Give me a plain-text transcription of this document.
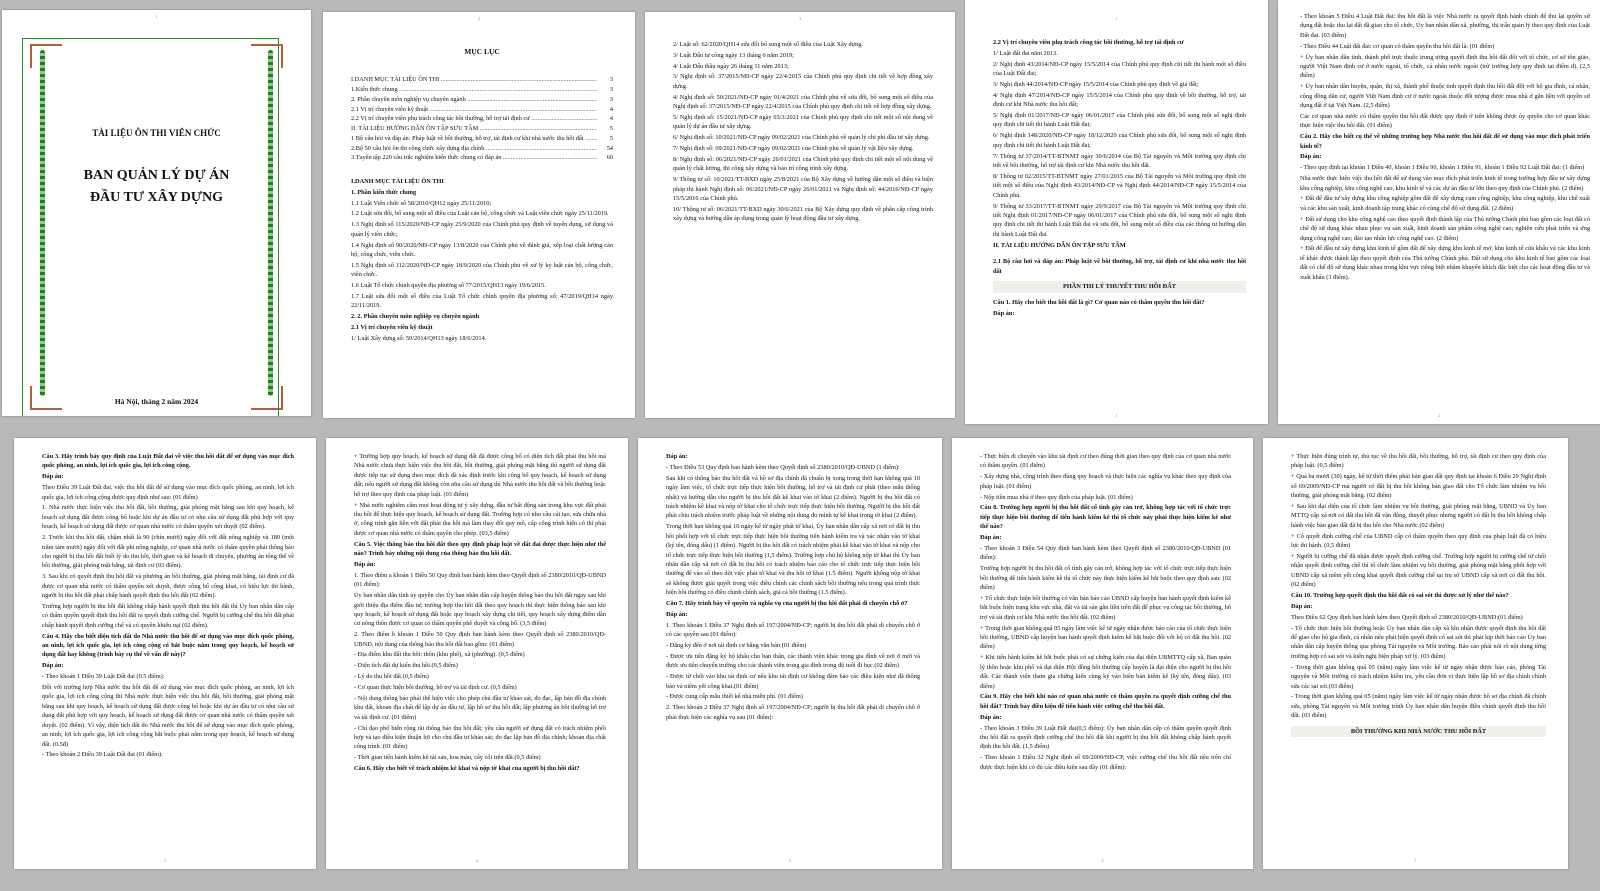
1
TÀI LIỆU ÔN THI VIÊN CHỨC
BAN QUẢN LÝ DỰ ÁN
ĐẦU TƯ XÂY DỰNG
Hà Nội, tháng 2 năm 2024
2
MỤC LỤC
I.DANH MỤC TÀI LIỆU ÔN THI .....	3
1.Kiến thức chung .....	3
2. Phần chuyên môn nghiệp vụ chuyên ngành .....	3
2.1 Vị trí chuyên viên kỹ thuật .....	4
2.2 Vị trí chuyên viên phụ trách công tác bồi thường, hỗ trợ tái định cư .....	4
II. TÀI LIỆU HƯỚNG DẪN ÔN TẬP SƯU TẦM .....	5
1 Bộ câu hỏi và đáp án: Pháp luật về bồi thường, hỗ trợ, tái định cư khi nhà nước thu hồi đất .....	5
2.Bộ 50 câu hỏi ôn thi công chức xây dựng địa chính .....	54
3.Tuyển tập 220 câu trắc nghiệm kiến thức chung có đáp án .....	60

I.DANH MỤC TÀI LIỆU ÔN THI

1. Phần kiến thức chung

1.1 Luật Viên chức số 58/2010/QH12 ngày 25/11/2010;

1.2 Luật sửa đổi, bổ sung một số điều của Luật cán bộ, công chức và Luật viên chức ngày 25/11/2019.

1.3 Nghị định số 115/2020/NĐ-CP ngày 25/9/2020 của Chính phủ quy định về tuyển dụng, sử dụng và quản lý viên chức;

1.4 Nghị định số 90/2020/NĐ-CP ngày 13/8/2020 của Chính phủ về đánh giá, xếp loại chất lượng cán bộ, công chức, viên chức.

1.5 Nghị định số 112/2020/NĐ-CP ngày 18/9/2020 của Chính phủ về xử lý kỷ luật cán bộ, công chức, viên chức.

1.6 Luật Tổ chức chính quyền địa phương số 77/2015/QH13 ngày 19/6/2015.

1.7 Luật sửa đổi một số điều của Luật Tổ chức chính quyền địa phương số: 47/2019/QH14 ngày 22/11/2019.

2. 2. Phần chuyên môn nghiệp vụ chuyên ngành

2.1 Vị trí chuyên viên kỹ thuật

1/ Luật Xây dựng số: 50/2014/QH13 ngày 18/6/2014.

3

2/ Luật số: 62/2020/QH14 sửa đổi bổ sung một số điều của Luật Xây dựng.

3/ Luật Đấu tư công ngày 13 tháng 6 năm 2019;

4/ Luật Đấu thầu ngày 26 tháng 11 năm 2013;

3/ Nghị định số: 37/2015/NĐ-CP ngày 22/4/2015 của Chính phủ quy định chi tiết về hợp đồng xây dựng.

4/ Nghị định số: 50/2021/NĐ-CP ngày 01/4/2021 của Chính phủ về sửa đổi, bổ sung một số điều của Nghị định số: 37/2015/NĐ-CP ngày 22/4/2015 của Chính phủ quy định chi tiết về hợp đồng xây dựng.

5/ Nghị định số: 15/2021/NĐ-CP ngày 03/3/2021 của Chính phủ quy định chi tiết một số nội dung về quản lý dự án đầu tư xây dựng.

6/ Nghị định số: 10/2021/NĐ-CP ngày 09/02/2021 của Chính phủ về quản lý chi phí đầu tư xây dựng.

7/ Nghị định số: 09/2021/NĐ-CP ngày 09/02/2021 của Chính phủ về quản lý vật liệu xây dựng.

8/ Nghị định số: 06/2021/NĐ-CP ngày 26/01/2021 của Chính phủ quy định chi tiết một số nội dung về quản lý chất lượng, thi công xây dựng và bảo trì công trình xây dựng.

9/ Thông tư số: 10/2021/TT-BXD ngày 25/8/2021 của Bộ Xây dựng về hướng dẫn một số điều và biện pháp thi hành Nghị định số: 06/2021/NĐ-CP ngày 26/01/2021 và Nghị định số: 44/2016/NĐ-CP ngày 15/5/2016 của Chính phủ.

10/ Thông tư số: 06/2021/TT-BXD ngày 30/6/2021 của Bộ Xây dựng quy định về phân cấp công trình xây dựng và hướng dẫn áp dụng trong quản lý hoạt động đầu tư xây dựng.

1

2.2 Vị trí chuyên viên phụ trách công tác bồi thường, hỗ trợ tái định cư

1/ Luật đất đai năm 2013.

2/ Nghị định 43/2014/NĐ-CP ngày 15/5/2014 của Chính phủ quy định chi tiết thi hành một số điều của Luật Đất đai;

3/ Nghị định 44/2014/NĐ-CP ngày 15/5/2014 của Chính phủ quy định về giá đất;

4/ Nghị định 47/2014/NĐ-CP ngày 15/5/2014 của Chính phủ quy định về bồi thường, hỗ trợ, tái định cư khi Nhà nước thu hồi đất;

5/ Nghị định 01/2017/NĐ-CP ngày 06/01/2017 của Chính phủ sửa đổi, bổ sung một số nghị định quy định chi tiết thi hành Luật Đất đai;

6/ Nghị định 148/2020/NĐ-CP ngày 18/12/2020 của Chính phủ sửa đổi, bổ sung một số nghị định quy định chi tiết thi hành Luật Đất đai;

7/ Thông tư 37/2014/TT-BTNMT ngày 30/6/2014 của Bộ Tài nguyên và Môi trường quy định chi tiết về bồi thường, hỗ trợ tái định cư khi Nhà nước thu hồi đất.

8/ Thông tư 02/2015/TT-BTNMT ngày 27/01/2015 của Bộ Tài nguyên và Môi trường quy định chi tiết một số điều của Nghị định 43/2014/NĐ-CP và Nghị định 44/2014/NĐ-CP ngày 15/5/2014 của Chính phủ.

9/ Thông tư 33/2017/TT-BTNMT ngày 29/9/2017 của Bộ Tài nguyên và Môi trường quy định chi tiết Nghị định 01/2017/NĐ-CP ngày 06/01/2017 của Chính phủ sửa đổi, bổ sung một số nghị định quy định chi tiết thi hành Luật Đất đai và sửa đổi, bổ sung một số điều của các thông tư hướng dẫn thi hành Luật Đất đai.

II. TÀI LIỆU HƯỚNG DẪN ÔN TẬP SƯU TẦM

2.1 Bộ câu hỏi và đáp án: Pháp luật về bồi thường, hỗ trợ, tái định cư khi nhà nước thu hồi đất

PHẦN THI LÝ THUYẾT THU HỒI ĐẤT

Câu 1. Hãy cho biết thu hồi đất là gì? Cơ quan nào có thẩm quyền thu hồi đất?

Đáp án:

1

- Theo khoản 5 Điều 4 Luật Đất đai: thu hồi đất là việc Nhà nước ra quyết định hành chính để thu lại quyền sử dụng đất hoặc thu lại đất đã giao cho tổ chức, Ủy ban nhân dân xã, phường, thị trấn quản lý theo quy định của Luật Đất đai. (03 điểm)

- Theo Điều 44 Luật đất đai: cơ quan có thẩm quyền thu hồi đất là: (01 điểm)

+ Ủy ban nhân dân tỉnh, thành phố trực thuộc trung ương quyết định thu hồi đất đối với tổ chức, cơ sở tôn giáo, người Việt Nam định cư ở nước ngoài, tổ chức, cá nhân nước ngoài (trừ trường hợp quy định tại điểm đ). (2,5 điểm)

+ Ủy ban nhân dân huyện, quận, thị xã, thành phố thuộc tỉnh quyết định thu hồi đất đối với hộ gia đình, cá nhân, cộng đồng dân cư, người Việt Nam định cư ở nước ngoài thuộc đối tượng được mua nhà ở gắn liền với quyền sử dụng đất ở tại Việt Nam. (2,5 điểm)

Các cơ quan nhà nước có thẩm quyền thu hồi đất được quy định ở trên không được ủy quyền cho cơ quan khác thực hiện việc thu hồi đất. (01 điểm)

Câu 2. Hãy cho biết cụ thể về những trường hợp Nhà nước thu hồi đất để sử dụng vào mục đích phát triển kinh tế?

Đáp án:

- Theo quy định tại khoản 1 Điều 40, khoản 1 Điều 90, khoản 1 Điều 91, khoản 1 Điều 92 Luật Đất đai: (1 điểm)

Nhà nước thực hiện việc thu hồi đất để sử dụng vào mục đích phát triển kinh tế trong trường hợp đầu tư xây dựng khu công nghiệp, khu công nghệ cao, khu kinh tế và các dự án đầu tư lớn theo quy định của Chính phủ. (2 điểm)

+ Đất để đầu tư xây dựng khu công nghiệp gồm đất để xây dựng cụm công nghiệp, khu công nghiệp, khu chế xuất và các khu sản xuất, kinh doanh tập trung khác có cùng chế độ sử dụng đất. (2 điểm)

+ Đất sử dụng cho khu công nghệ cao theo quyết định thành lập của Thủ tướng Chính phủ bao gồm các loại đất có chế độ sử dụng khác nhau phục vụ sản xuất, kinh doanh sản phẩm công nghệ cao; nghiên cứu phát triển và ứng dụng công nghệ cao; đào tạo nhân lực công nghệ cao. (2 điểm)

+ Đất để đầu tư xây dựng khu kinh tế gồm đất để xây dựng khu kinh tế mở, khu kinh tế cửa khẩu và các khu kinh tế khác được thành lập theo quyết định của Thủ tướng Chính phủ. Đất sử dụng cho khu kinh tế bao gồm các loại đất có chế độ sử dụng khác nhau trong khu vực riêng biệt nhằm khuyến khích đặc biệt cho các hoạt động đầu tư và xuất khẩu (3 điểm).

2

Câu 3. Hãy trình bày quy định của Luật Đất đai về việc thu hồi đất để sử dụng vào mục đích quốc phòng, an ninh, lợi ích quốc gia, lợi ích công cộng.

Đáp án:

Theo Điều 39 Luật Đất đai, việc thu hồi đất để sử dụng vào mục đích quốc phòng, an ninh, lợi ích quốc gia, lợi ích công cộng được quy định như sau: (01 điểm)

1. Nhà nước thực hiện việc thu hồi đất, bồi thường, giải phóng mặt bằng sau khi quy hoạch, kế hoạch sử dụng đất được công bố hoặc khi dự án đầu tư có nhu cầu sử dụng đất phù hợp với quy hoạch, kế hoạch sử dụng đất được cơ quan nhà nước có thẩm quyền xét duyệt (02 điểm).

2. Trước khi thu hồi đất, chậm nhất là 90 (chín mươi) ngày đối với đất nông nghiệp và 180 (một trăm tám mươi) ngày đối với đất phi nông nghiệp, cơ quan nhà nước có thẩm quyền phải thông báo cho người bị thu hồi đất biết lý do thu hồi, thời gian và kế hoạch di chuyển, phương án tổng thể về bồi thường, giải phóng mặt bằng, tái định cư (03 điểm).

3. Sau khi có quyết định thu hồi đất và phương án bồi thường, giải phóng mặt bằng, tái định cư đã được cơ quan nhà nước có thẩm quyền xét duyệt, được công bố công khai, có hiệu lực thi hành, người bị thu hồi đất phải chấp hành quyết định thu hồi đất (02 điểm).

Trường hợp người bị thu hồi đất không chấp hành quyết định thu hồi đất thì Ủy ban nhân dân cấp có thẩm quyền quyết định thu hồi đất ra quyết định cưỡng chế. Người bị cưỡng chế thu hồi đất phải chấp hành quyết định cưỡng chế và có quyền khiếu nại (02 điểm).

Câu 4. Hãy cho biết diện tích đất do Nhà nước thu hồi để sử dụng vào mục đích quốc phòng, an ninh, lợi ích quốc gia, lợi ích công cộng có bắt buộc nằm trong quy hoạch, kế hoạch sử dụng đất hay không (trình bày cụ thể về vấn đề này)?

Đáp án:

- Theo khoản 1 Điều 39 Luật Đất đai (0.5 điểm):

Đối với trường hợp Nhà nước thu hồi đất để sử dụng vào mục đích quốc phòng, an ninh, lợi ích quốc gia, lợi ích công cộng thì Nhà nước thực hiện việc thu hồi đất, bồi thường, giải phóng mặt bằng sau khi quy hoạch, kế hoạch sử dụng đất được công bố hoặc khi dự án đầu tư có nhu cầu sử dụng đất phù hợp với quy hoạch, kế hoạch sử dụng đất được cơ quan nhà nước có thẩm quyền xét duyệt. (02 điểm). Vì vậy, diện tích đất do Nhà nước thu hồi để sử dụng vào mục đích quốc phòng, an ninh, lợi ích quốc gia, lợi ích công cộng bắt buộc phải nằm trong quy hoạch, kế hoạch sử dụng đất. (0.5đ)

- Theo khoản 2 Điều 39 Luật Đất đai (01 điểm):

3

+ Trường hợp quy hoạch, kế hoạch sử dụng đất đã được công bố có diện tích đất phải thu hồi mà Nhà nước chưa thực hiện việc thu hồi đất, bồi thường, giải phóng mặt bằng thì người sử dụng đất được tiếp tục sử dụng theo mục đích đã xác định trước khi công bố quy hoạch, kế hoạch sử dụng đất; nếu người sử dụng đất không còn nhu cầu sử dụng thì Nhà nước thu hồi đất và bồi thường hoặc hỗ trợ theo quy định của pháp luật. (03 điểm)

+ Nhà nước nghiêm cấm mọi hoạt động tự ý xây dựng, đầu tư bất động sản trong khu vực đất phải thu hồi để thực hiện quy hoạch, kế hoạch sử dụng đất. Trường hợp có nhu cầu cải tạo, sửa chữa nhà ở, công trình gắn liền với đất phải thu hồi mà làm thay đổi quy mô, cấp công trình hiện có thì phải được cơ quan nhà nước có thẩm quyền cho phép. (03,5 điểm)

Câu 5. Việc thông báo thu hồi đất theo quy định pháp luật về đất đai được thực hiện như thế nào? Trình bày những nội dung của thông báo thu hồi đất.

Đáp án:

1. Theo điểm a khoản 1 Điều 50 Quy định ban hành kèm theo Quyết định số 2380/2010/QĐ-UBND (01 điểm):

Ủy ban nhân dân tỉnh ủy quyền cho Ủy ban nhân dân cấp huyện thông báo thu hồi đất ngay sau khi giới thiệu địa điểm đầu tư; trường hợp thu hồi đất theo quy hoạch thì thực hiện thông báo sau khi quy hoạch, kế hoạch sử dụng đất hoặc quy hoạch xây dựng chi tiết, quy hoạch xây dựng điểm dân cư nông thôn được cơ quan có thẩm quyền phê duyệt và công bố. (3,5 điểm)

2. Theo điểm b khoản 1 Điều 50 Quy định ban hành kèm theo Quyết định số 2380/2010/QĐ-UBND, nội dung của thông báo thu hồi đất bao gồm: (01 điểm)

- Địa điểm khu đất thu hồi: thôn (khu phố), xã (phường). (0,5 điểm)

- Diện tích đất dự kiến thu hồi.(0,5 điểm)

- Lý do thu hồi đất.(0,5 điểm)

- Cơ quan thực hiện bồi thường, hỗ trợ và tái định cư. (0,5 điểm)

- Nội dung thông báo phải thể hiện việc cho phép chủ đầu tư khảo sát, đo đạc, lập bản đồ địa chính khu đất, khoan địa chất để lập dự án đầu tư, lập hồ sơ thu hồi đất; lập phương án bồi thường hỗ trợ và tái định cư. (01 điểm)

- Chỉ đạo phổ biến rộng rãi thông báo thu hồi đất; yêu cầu người sử dụng đất có trách nhiệm phối hợp và tạo điều kiện thuận lợi cho chủ đầu tư khảo sát; đo đạc lập bản đồ địa chính; khoan địa chất công trình. (01 điểm)

- Thời gian tiến hành kiểm kê tài sản, hoa màu, cây cối trên đất.(0,5 điểm)

Câu 6. Hãy cho biết về trách nhiệm kê khai và nộp tờ khai của người bị thu hồi đất?

4

Đáp án:

- Theo Điều 53 Quy định ban hành kèm theo Quyết định số 2380/2010/QĐ-UBND (1 điểm):

Sau khi có thông báo thu hồi đất và hồ sơ địa chính đã chuẩn bị xong trong thời hạn không quá 10 ngày làm việc, tổ chức trực tiếp thực hiện bồi thường, hỗ trợ và tái định cư phát (theo mẫu thống nhất) và hướng dẫn cho người bị thu hồi đất kê khai vào tờ khai (2 điểm). Người bị thu hồi đất có trách nhiệm kê khai và nộp tờ khai cho tổ chức trực tiếp thực hiện bồi thường. Người bị thu hồi đất phải chịu trách nhiệm trước pháp luật về những nội dung đo mình tự kê khai trong tờ khai (2 điểm).

Trong thời hạn không quá 10 ngày kể từ ngày phát tờ khai, Ủy ban nhân dân cấp xã nơi có đất bị thu hồi phối hợp với tổ chức trực tiếp thực hiện bồi thường tiến hành kiểm tra và xác nhận vào tờ khai (ký tên, đóng dấu) (1 điểm). Người bị thu hồi đất có trách nhiệm phải kê khai vào tờ khai và nộp cho tổ chức trực tiếp thực hiện bồi thường (1,5 điểm). Trường hợp chủ hộ không nộp tờ khai thì Ủy ban nhân dân cấp xã nơi có đất bị thu hồi có trách nhiệm báo cáo cho tổ chức trực tiếp thực hiện bồi thường để vào sổ theo dõi việc phát tờ khai và thu hồi tờ khai (1.5 điểm). Người không nộp tờ khai sẽ không được giải quyết trong việc điều chỉnh các chính sách bồi thường nếu trong quá trình thực hiện bồi thường có điều chỉnh chính sách, giá cả bồi thường (1.5 điểm).

Câu 7. Hãy trình bày về quyền và nghĩa vụ của người bị thu hồi đất phải di chuyển chỗ ở?

Đáp án:

1. Theo khoản 1 Điều 37 Nghị định số 197/2004/NĐ-CP; người bị thu hồi đất phải di chuyển chỗ ở có các quyền sau (01 điểm):

- Đăng ký đến ở nơi tái định cư bằng văn bản (01 điểm)

- Được ưu tiên đăng ký hộ khẩu cho bản thân, các thành viên khác trong gia đình về nơi ở mới và được ưu tiên chuyển trường cho các thành viên trong gia đình trong độ tuổi đi học.(02 điểm)

- Được từ chối vào khu tái định cư nếu khu tái định cư không đảm bảo các điều kiện như đã thông báo và niêm yết công khai.(01 điểm)

- Được cung cấp mẫu thiết kế nhà miễn phí. (01 điểm)

2. Theo khoản 2 Điều 37 Nghị định số 197/2004/NĐ-CP; người bị thu hồi đất phải di chuyển chỗ ở phải thực hiện các nghĩa vụ sau (01 điểm):

5

- Thực hiện di chuyển vào khu tái định cư theo đúng thời gian theo quy định của cơ quan nhà nước có thẩm quyền. (01 điểm)

- Xây dựng nhà, công trình theo đúng quy hoạch và thực hiện các nghĩa vụ khác theo quy định của pháp luật. (01 điểm)

- Nộp tiền mua nhà ở theo quy định của pháp luật. (01 điểm)

Câu 8. Trường hợp người bị thu hồi đất cố tình gây cản trở, không hợp tác với tổ chức trực tiếp thực hiện bồi thường để tiến hành kiểm kê thì tổ chức này phải thực hiện kiểm kê như thế nào?

Đáp án:

- Theo khoản 3 Điều 54 Quy định ban hành kèm theo Quyết định số 2380/2010/QĐ-UBND (01 điểm):

Trường hợp người bị thu hồi đất cố tình gây cản trở, không hợp tác với tổ chức trực tiếp thực hiện bồi thường để tiến hành kiểm kê thì tổ chức này thực hiện kiểm kê bắt buộc theo quy định sau: (02 điểm)

+ Tổ chức thực hiện bồi thường có văn bản báo cáo UBND cấp huyện ban hành quyết định kiểm kê bắt buộc hiện trạng khu vực nhà, đất và tài sản gắn liền trên đất để phục vụ công tác bồi thường, hỗ trợ và tái định cư khi Nhà nước thu hồi đất. (02 điểm)

+ Trong thời gian không quá 05 ngày làm việc kể từ ngày nhận được báo cáo của tổ chức thực hiện bồi thường, UBND cấp huyện ban hành quyết định kiểm kê bắt buộc đối với hộ có đất thu hồi. (02 điểm)

+ Khi tiến hành kiểm kê bắt buộc phải có sự chứng kiến của đại diện UBMTTQ cấp xã, Ban quản lý thôn hoặc khu phố và đại diện Hội đồng bồi thường cấp huyện là đại diện cho người bị thu hồi đất. Các thành viên tham gia chứng kiến cùng ký vào biên bản kiểm kê (ký tên, đóng dấu). (03 điểm)

Câu 9. Hãy cho biết khi nào cơ quan nhà nước có thẩm quyền ra quyết định cưỡng chế thu hồi đất? Trình bày điều kiện để tiến hành việc cưỡng chế thu hồi đất.

Đáp án:

- Theo khoản 3 Điều 39 Luật Đất đai(0,5 điểm): Ủy ban nhân dân cấp có thẩm quyền quyết định thu hồi đất ra quyết định cưỡng chế thu hồi đất khi người bị thu hồi đất không chấp hành quyết định thu hồi đất. (1,5 điểm)

- Theo khoản 1 Điều 32 Nghị định số 69/2009/NĐ-CP, việc cưỡng chế thu hồi đất nêu trên chỉ được thực hiện khi có đủ các điều kiện sau đây (01 điểm):

6

+ Thực hiện đúng trình tự, thủ tục về thu hồi đất, bồi thường, hỗ trợ, tái định cư theo quy định của pháp luật. (0,5 điểm)

+ Quá ba mươi (30) ngày, kể từ thời điểm phải bàn giao đất quy định tại khoản 6 Điều 29 Nghị định số 69/2009/NĐ-CP mà người có đất bị thu hồi không bàn giao đất cho Tổ chức làm nhiệm vụ bồi thường, giải phóng mặt bằng. (02 điểm)

+ Sau khi đại diện của tổ chức làm nhiệm vụ bồi thường, giải phóng mặt bằng, UBND và Ủy ban MTTQ cấp xã nơi có đất thu hồi đã vận động, thuyết phục nhưng người có đất bị thu hồi không chấp hành việc bàn giao đất đã bị thu hồi cho Nhà nước.(02 điểm)

+ Có quyết định cưỡng chế của UBND cấp có thẩm quyền theo quy định của pháp luật đã có hiệu lực thi hành. (0,5 điểm)

+ Người bị cưỡng chế đã nhận được quyết định cưỡng chế. Trường hợp người bị cưỡng chế từ chối nhận quyết định cưỡng chế thì tổ chức làm nhiệm vụ bồi thường, giải phóng mặt bằng phối hợp với UBND cấp xã niêm yết công khai quyết định cưỡng chế tại trụ sở UBND cấp xã nơi có đất thu hồi. (02 điểm)

Câu 10. Trường hợp quyết định thu hồi đất có sai sót thì được xử lý như thế nào?

Đáp án:

Theo Điều 62 Quy định ban hành kèm theo Quyết định số 2380/2010/QĐ-UBND:(01 điểm)

- Tổ chức thực hiện bồi thường hoặc Ủy ban nhân dân cấp xã khi nhận được quyết định thu hồi đất để giao cho hộ gia đình, cá nhân nếu phát hiện quyết định có sai sót thì phải kịp thời báo cáo Ủy ban nhân dân cấp huyện thông qua phòng Tài nguyên và Môi trường. Báo cáo phải nói rõ nội dung từng trường hợp có sai sót và kiến nghị biện pháp xử lý. (03 điểm)

- Trong thời gian không quá 05 (năm) ngày làm việc kể từ ngày nhận được báo cáo, phòng Tài nguyên và Môi trường có trách nhiệm kiểm tra, yêu cầu đơn vị thực hiện lập hồ sơ địa chính chính sửa các sai sót.(03 điểm)

- Trong thời gian không quá 05 (năm) ngày làm việc kể từ ngày nhận được hồ sơ địa chính đã chính sửa, phòng Tài nguyên và Môi trường trình Ủy ban nhân dân huyện điều chỉnh quyết định thu hồi đất. (03 điểm)

BỒI THƯỜNG KHI NHÀ NƯỚC THU HỒI ĐẤT
7
